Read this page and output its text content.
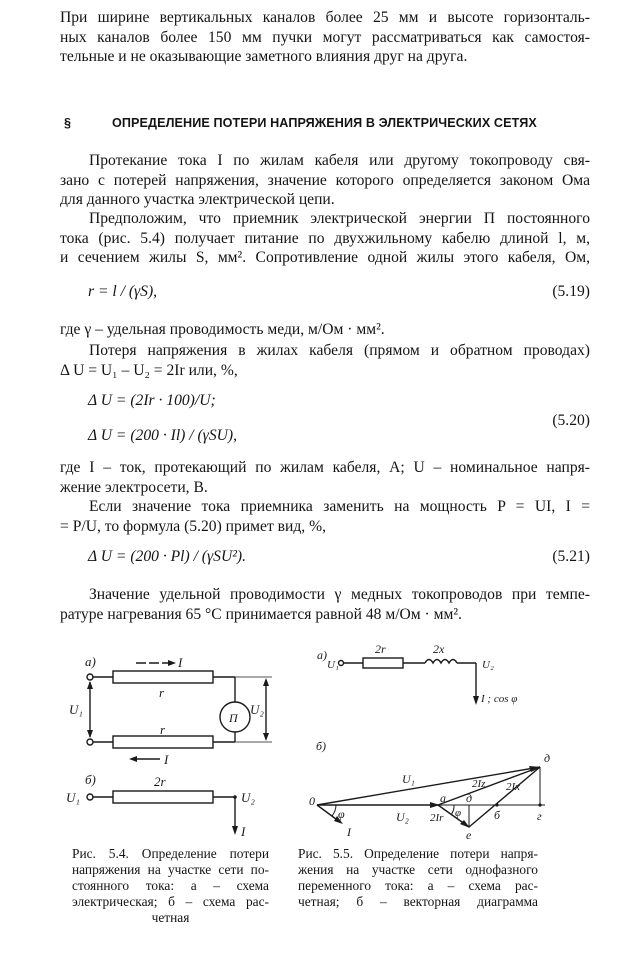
При ширине вертикальных каналов более 25 мм и высоте горизонталь-
ных каналов более 150 мм пучки могут рассматриваться как самостоя-
тельные и не оказывающие заметного влияния друг на друга.
§	ОПРЕДЕЛЕНИЕ ПОТЕРИ НАПРЯЖЕНИЯ В ЭЛЕКТРИЧЕСКИХ СЕТЯХ
Протекание тока I по жилам кабеля или другому токопроводу свя-
зано с потерей напряжения, значение которого определяется законом Ома
для данного участка электрической цепи.
Предположим, что приемник электрической энергии П постоянного
тока (рис. 5.4) получает питание по двухжильному кабелю длиной l, м,
и сечением жилы S, мм². Сопротивление одной жилы этого кабеля, Ом,
r = l / (γS),	(5.19)
где γ – удельная проводимость меди, м/Ом · мм².
Потеря напряжения в жилах кабеля (прямом и обратном проводах)
Δ U = U₁ – U₂ = 2Ir или, %,
Δ U = (2Ir · 100)/U;
(5.20)
Δ U = (200 · Il) / (γSU),
где I – ток, протекающий по жилам кабеля, А; U – номинальное напря-
жение электросети, В.
Если значение тока приемника заменить на мощность P = UI, I =
= P/U, то формула (5.20) примет вид, %,
Δ U = (200 · Pl) / (γSU²).	(5.21)
Значение удельной проводимости γ медных токопроводов при темпе-
ратуре нагревания 65 °С принимается равной 48 м/Ом · мм².
а)	I
r
r
П
U₁	U₂
I
б)	2r
U₁	U₂
I
а)
U₁
2r	2x
U₂
I ; cos φ
б)
д
U₁	2Iz 2Ix
0	а д
φ	U₂ 2Ir φ	б	г
е
I
Рис. 5.4. Определение потери
напряжения на участке сети по-
стоянного тока: а – схема
электрическая; б – схема рас-
четная
Рис. 5.5. Определение потери напря-
жения на участке сети однофазного
переменного тока: а – схема рас-
четная; б – векторная диаграмма
